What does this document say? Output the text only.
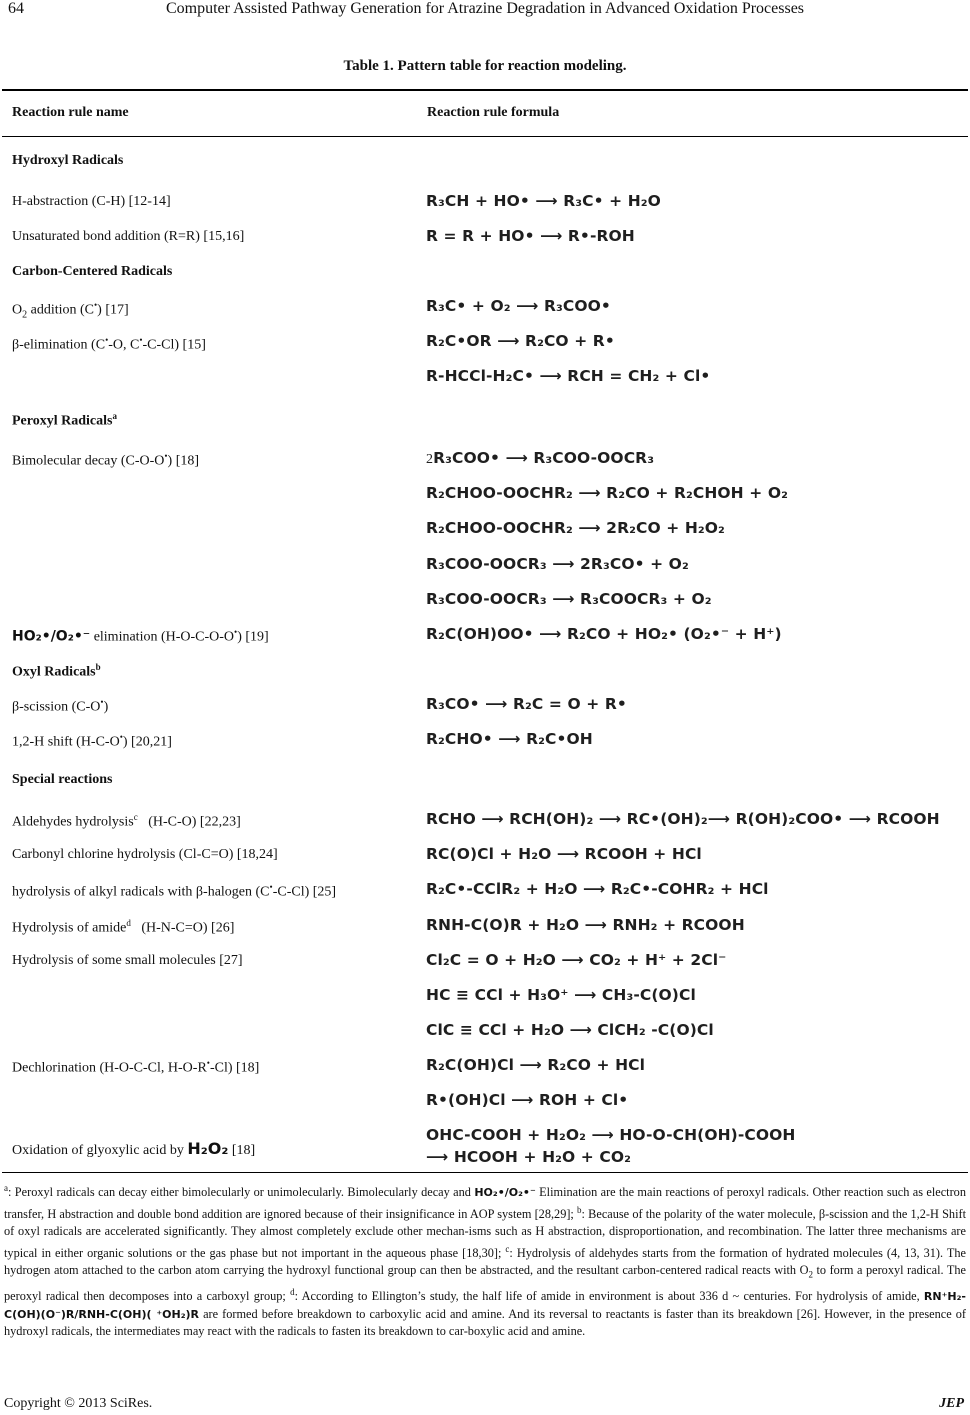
64	Computer Assisted Pathway Generation for Atrazine Degradation in Advanced Oxidation Processes
Table 1. Pattern table for reaction modeling.
Reaction rule name	Reaction rule formula
Hydroxyl Radicals
H-abstraction (C-H) [12-14]	R₃CH + HO• ⟶ R₃C• + H₂O
Unsaturated bond addition (R=R) [15,16]	R = R + HO• ⟶ R•-ROH
Carbon-Centered Radicals
$O_2$ addition (C•) [17]	R₃C• + O₂ ⟶ R₃COO•
β-elimination (C•-O, C•-C-Cl) [15]	R₂C•OR ⟶ R₂CO + R•
R-HCCl-H₂C• ⟶ RCH = CH₂ + Cl•
Peroxyl Radicals$^a$
Bimolecular decay (C-O-O•) [18]	2R₃COO• ⟶ R₃COO-OOCR₃
R₂CHOO-OOCHR₂ ⟶ R₂CO + R₂CHOH + O₂
R₂CHOO-OOCHR₂ ⟶ 2R₂CO + H₂O₂
R₃COO-OOCR₃ ⟶ 2R₃CO• + O₂
R₃COO-OOCR₃ ⟶ R₃COOCR₃ + O₂
HO₂•/O₂•⁻ elimination (H-O-C-O-O•) [19]	R₂C(OH)OO• ⟶ R₂CO + HO₂• (O₂•⁻ + H⁺)
Oxyl Radicals$^b$
β-scission (C-O•)	R₃CO• ⟶ R₂C = O + R•
1,2-H shift (H-C-O•) [20,21]	R₂CHO• ⟶ R₂C•OH
Special reactions
Aldehydes hydrolysis$^c$   (H-C-O) [22,23]	RCHO ⟶ RCH(OH)₂ ⟶ RC•(OH)₂⟶ R(OH)₂COO• ⟶ RCOOH
Carbonyl chlorine hydrolysis (Cl-C=O) [18,24]	RC(O)Cl + H₂O ⟶ RCOOH + HCl
hydrolysis of alkyl radicals with β-halogen (C•-C-Cl) [25]	R₂C•-CClR₂ + H₂O ⟶ R₂C•-COHR₂ + HCl
Hydrolysis of amide$^d$   (H-N-C=O) [26]	RNH-C(O)R + H₂O ⟶ RNH₂ + RCOOH
Hydrolysis of some small molecules [27]	Cl₂C = O + H₂O ⟶ CO₂ + H⁺ + 2Cl⁻
HC ≡ CCl + H₃O⁺ ⟶ CH₃-C(O)Cl
ClC ≡ CCl + H₂O ⟶ ClCH₂ -C(O)Cl
Dechlorination (H-O-C-Cl, H-O-R•-Cl) [18]	R₂C(OH)Cl ⟶ R₂CO + HCl
R•(OH)Cl ⟶ ROH + Cl•
Oxidation of glyoxylic acid by H₂O₂ [18]
OHC-COOH + H₂O₂ ⟶ HO-O-CH(OH)-COOH
⟶ HCOOH + H₂O + CO₂
$^a$: Peroxyl radicals can decay either bimolecularly or unimolecularly. Bimolecularly decay and HO₂•/O₂•⁻ Elimination are the main reactions of peroxyl radicals. Other reaction such as electron transfer, H abstraction and double bond addition are ignored because of their insignificance in AOP system [28,29]; $^b$: Because of the polarity of the water molecule, β-scission and the 1,2-H Shift of oxyl radicals are accelerated significantly. They almost completely exclude other mechan-isms such as H abstraction, disproportionation, and recombination. The latter three mechanisms are typical in either organic solutions or the gas phase but not important in the aqueous phase [18,30]; $^c$: Hydrolysis of aldehydes starts from the formation of hydrated molecules (4, 13, 31). The hydrogen atom attached to the carbon atom carrying the hydroxyl functional group can then be abstracted, and the resultant carbon-centered radical reacts with $O_2$ to form a peroxyl radical. The peroxyl radical then decomposes into a carboxyl group; $^d$: According to Ellington’s study, the half life of amide in environment is about 336 d ~ centuries. For hydrolysis of amide, RN⁺H₂-C(OH)(O⁻)R/RNH-C(OH)( ⁺OH₂)R are formed before breakdown to carboxylic acid and amine. And its reversal to reactants is faster than its breakdown [26]. However, in the presence of hydroxyl radicals, the intermediates may react with the radicals to fasten its breakdown to car-boxylic acid and amine.
Copyright © 2013 SciRes.	JEP
